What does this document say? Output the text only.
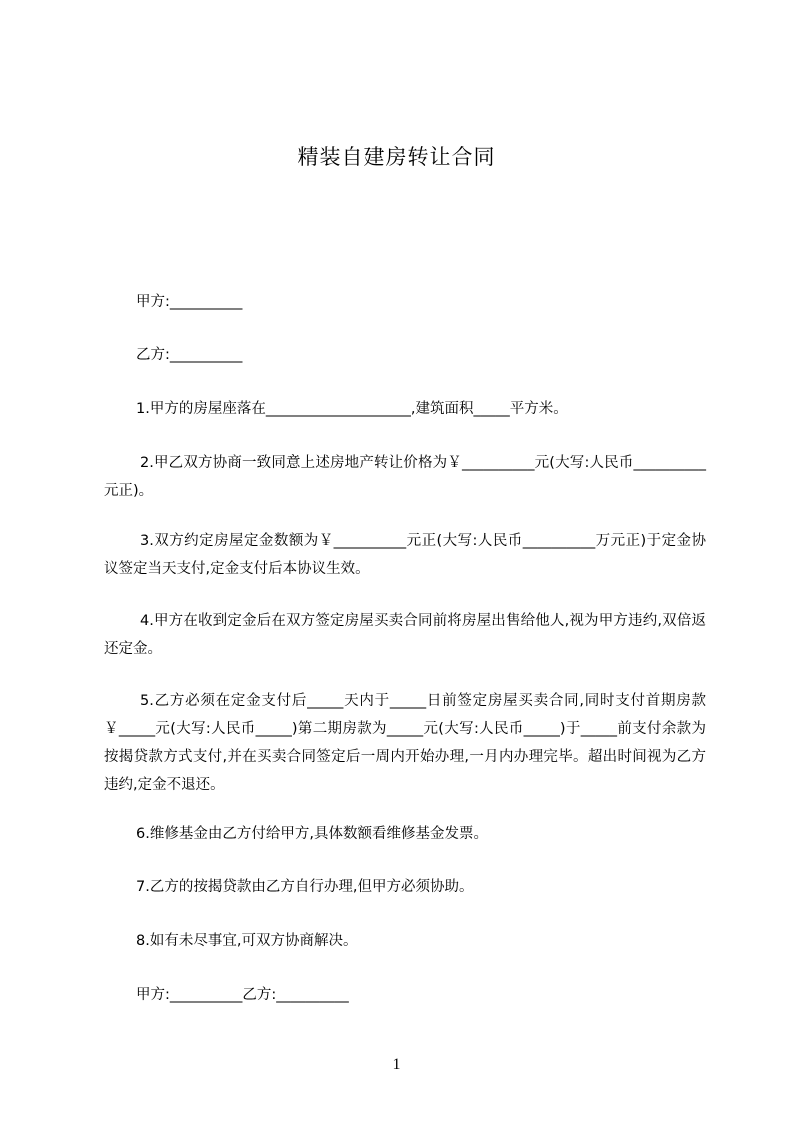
精装自建房转让合同
甲方:__________
乙方:__________
1.甲方的房屋座落在____________________,建筑面积_____平方米。
2.甲乙双方协商一致同意上述房地产转让价格为￥__________元(大写:人民币__________元正)。
3.双方约定房屋定金数额为￥__________元正(大写:人民币__________万元正)于定金协议签定当天支付,定金支付后本协议生效。
4.甲方在收到定金后在双方签定房屋买卖合同前将房屋出售给他人,视为甲方违约,双倍返还定金。
5.乙方必须在定金支付后_____天内于_____日前签定房屋买卖合同,同时支付首期房款￥_____元(大写:人民币_____)第二期房款为_____元(大写:人民币_____)于_____前支付余款为按揭贷款方式支付,并在买卖合同签定后一周内开始办理,一月内办理完毕。超出时间视为乙方违约,定金不退还。
6.维修基金由乙方付给甲方,具体数额看维修基金发票。
7.乙方的按揭贷款由乙方自行办理,但甲方必须协助。
8.如有未尽事宜,可双方协商解决。
甲方:__________乙方:__________
1
